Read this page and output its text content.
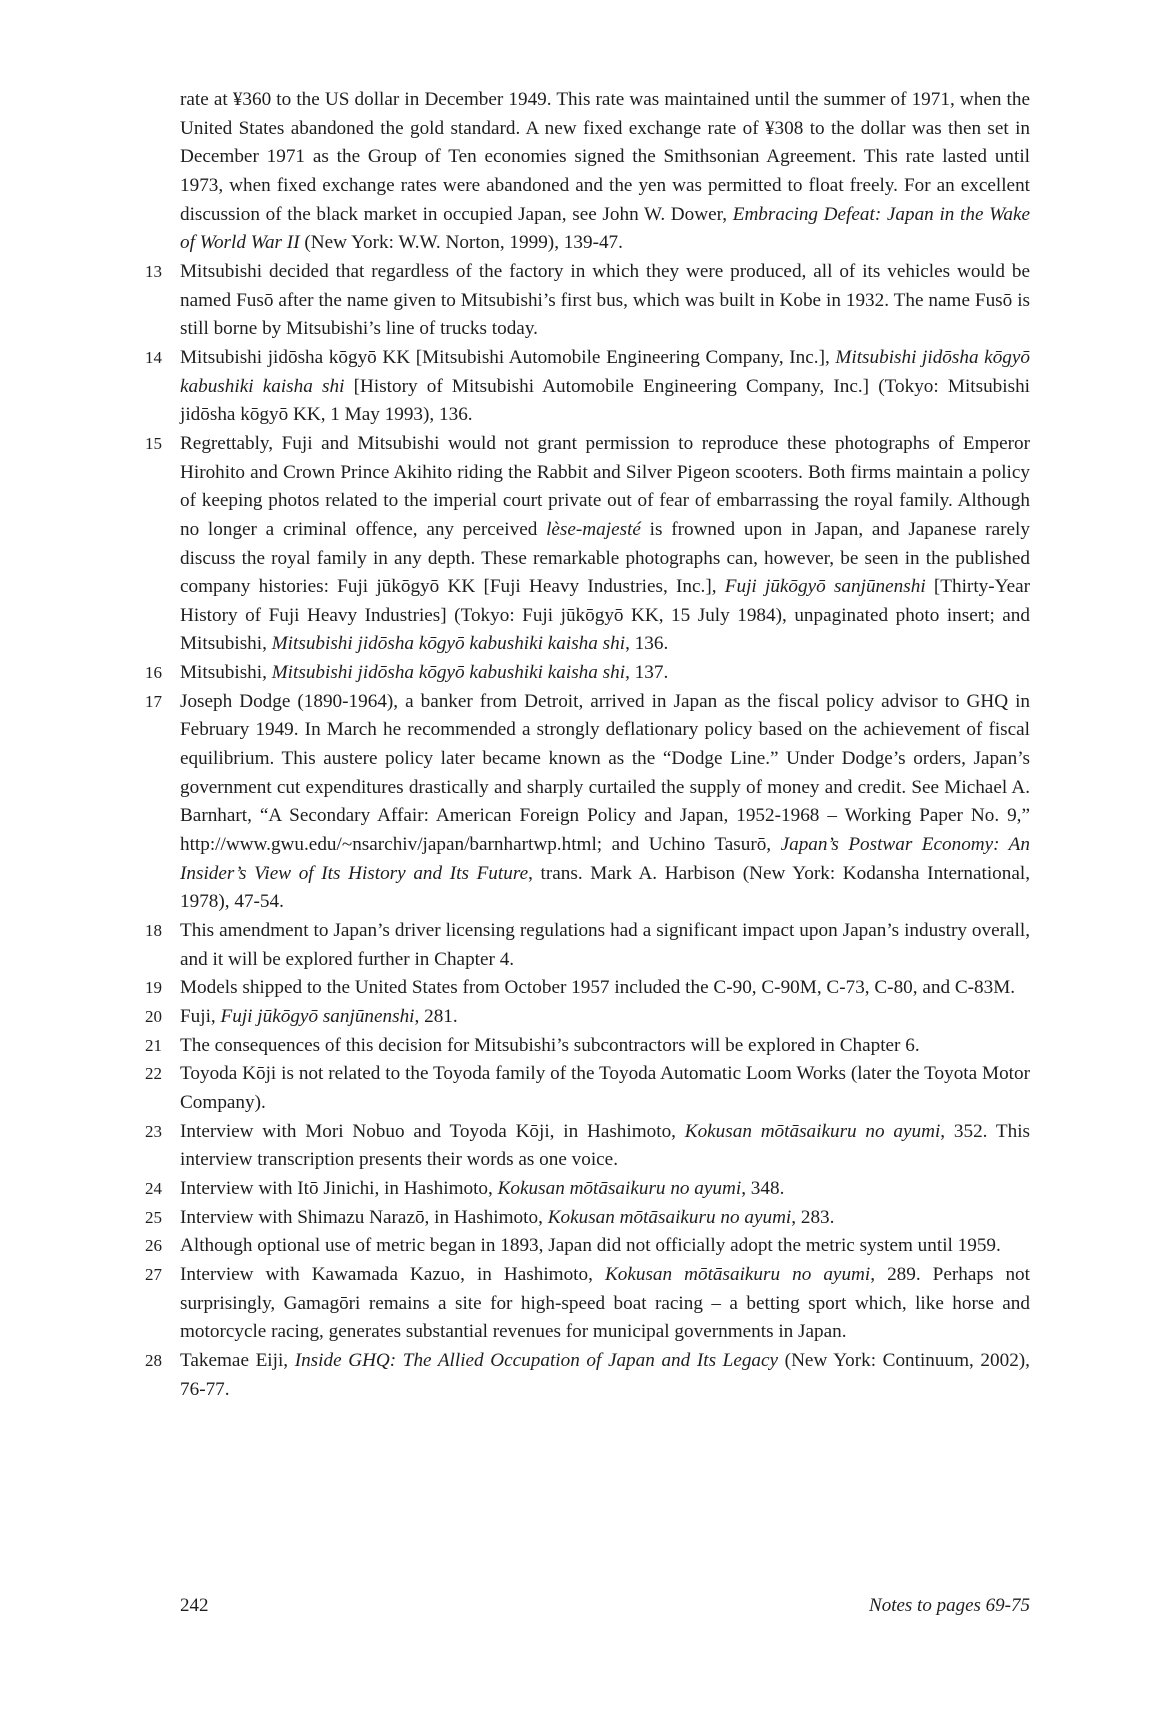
rate at ¥360 to the US dollar in December 1949. This rate was maintained until the summer of 1971, when the United States abandoned the gold standard. A new fixed exchange rate of ¥308 to the dollar was then set in December 1971 as the Group of Ten economies signed the Smithsonian Agreement. This rate lasted until 1973, when fixed exchange rates were abandoned and the yen was permitted to float freely. For an excellent discussion of the black market in occupied Japan, see John W. Dower, Embracing Defeat: Japan in the Wake of World War II (New York: W.W. Norton, 1999), 139-47.
13 Mitsubishi decided that regardless of the factory in which they were produced, all of its vehicles would be named Fusō after the name given to Mitsubishi’s first bus, which was built in Kobe in 1932. The name Fusō is still borne by Mitsubishi’s line of trucks today.
14 Mitsubishi jidōsha kōgyō KK [Mitsubishi Automobile Engineering Company, Inc.], Mitsubishi jidōsha kōgyō kabushiki kaisha shi [History of Mitsubishi Automobile Engineering Company, Inc.] (Tokyo: Mitsubishi jidōsha kōgyō KK, 1 May 1993), 136.
15 Regrettably, Fuji and Mitsubishi would not grant permission to reproduce these photographs of Emperor Hirohito and Crown Prince Akihito riding the Rabbit and Silver Pigeon scooters. Both firms maintain a policy of keeping photos related to the imperial court private out of fear of embarrassing the royal family. Although no longer a criminal offence, any perceived lèse-majesté is frowned upon in Japan, and Japanese rarely discuss the royal family in any depth. These remarkable photographs can, however, be seen in the published company histories: Fuji jūkōgyō KK [Fuji Heavy Industries, Inc.], Fuji jūkōgyō sanjūnenshi [Thirty-Year History of Fuji Heavy Industries] (Tokyo: Fuji jūkōgyō KK, 15 July 1984), unpaginated photo insert; and Mitsubishi, Mitsubishi jidōsha kōgyō kabushiki kaisha shi, 136.
16 Mitsubishi, Mitsubishi jidōsha kōgyō kabushiki kaisha shi, 137.
17 Joseph Dodge (1890-1964), a banker from Detroit, arrived in Japan as the fiscal policy advisor to GHQ in February 1949. In March he recommended a strongly deflationary policy based on the achievement of fiscal equilibrium. This austere policy later became known as the “Dodge Line.” Under Dodge’s orders, Japan’s government cut expenditures drastically and sharply curtailed the supply of money and credit. See Michael A. Barnhart, “A Secondary Affair: American Foreign Policy and Japan, 1952-1968 – Working Paper No. 9,” http://www.gwu.edu/~nsarchiv/japan/barnhartwp.html; and Uchino Tasurō, Japan’s Postwar Economy: An Insider’s View of Its History and Its Future, trans. Mark A. Harbison (New York: Kodansha International, 1978), 47-54.
18 This amendment to Japan’s driver licensing regulations had a significant impact upon Japan’s industry overall, and it will be explored further in Chapter 4.
19 Models shipped to the United States from October 1957 included the C-90, C-90M, C-73, C-80, and C-83M.
20 Fuji, Fuji jūkōgyō sanjūnenshi, 281.
21 The consequences of this decision for Mitsubishi’s subcontractors will be explored in Chapter 6.
22 Toyoda Kōji is not related to the Toyoda family of the Toyoda Automatic Loom Works (later the Toyota Motor Company).
23 Interview with Mori Nobuo and Toyoda Kōji, in Hashimoto, Kokusan mōtāsaikuru no ayumi, 352. This interview transcription presents their words as one voice.
24 Interview with Itō Jinichi, in Hashimoto, Kokusan mōtāsaikuru no ayumi, 348.
25 Interview with Shimazu Narazō, in Hashimoto, Kokusan mōtāsaikuru no ayumi, 283.
26 Although optional use of metric began in 1893, Japan did not officially adopt the metric system until 1959.
27 Interview with Kawamada Kazuo, in Hashimoto, Kokusan mōtāsaikuru no ayumi, 289. Perhaps not surprisingly, Gamagōri remains a site for high-speed boat racing – a betting sport which, like horse and motorcycle racing, generates substantial revenues for municipal governments in Japan.
28 Takemae Eiji, Inside GHQ: The Allied Occupation of Japan and Its Legacy (New York: Continuum, 2002), 76-77.
242	Notes to pages 69-75
